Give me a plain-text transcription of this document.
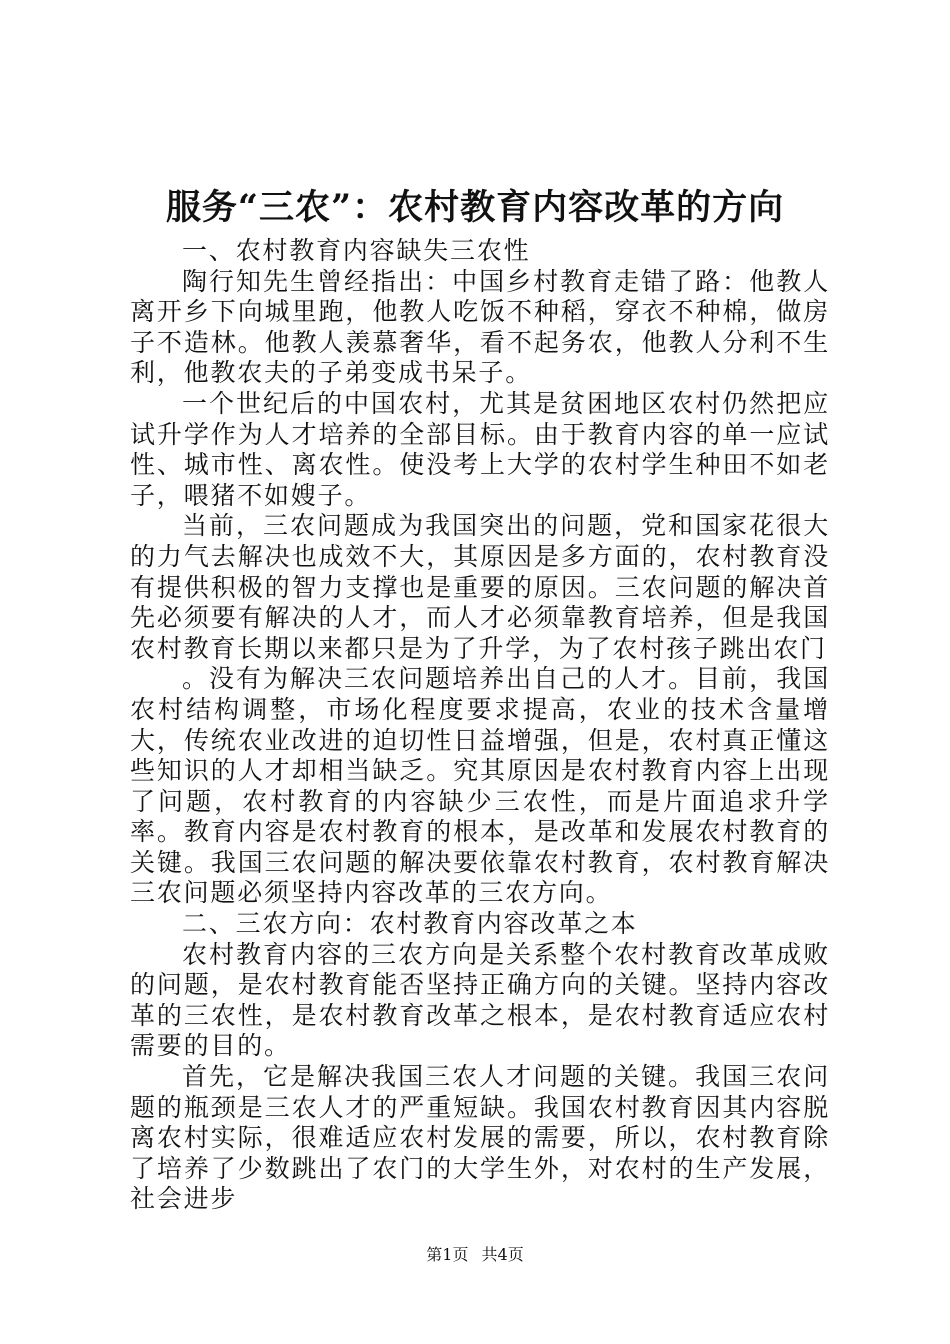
服务“三农”：农村教育内容改革的方向

一、农村教育内容缺失三农性

陶行知先生曾经指出：中国乡村教育走错了路：他教人离开乡下向城里跑，他教人吃饭不种稻，穿衣不种棉，做房子不造林。他教人羡慕奢华，看不起务农，他教人分利不生利，他教农夫的子弟变成书呆子。

一个世纪后的中国农村，尤其是贫困地区农村仍然把应试升学作为人才培养的全部目标。由于教育内容的单一应试性、城市性、离农性。使没考上大学的农村学生种田不如老子，喂猪不如嫂子。

当前，三农问题成为我国突出的问题，党和国家花很大的力气去解决也成效不大，其原因是多方面的，农村教育没有提供积极的智力支撑也是重要的原因。三农问题的解决首先必须要有解决的人才，而人才必须靠教育培养，但是我国农村教育长期以来都只是为了升学，为了农村孩子跳出农门

。没有为解决三农问题培养出自己的人才。目前，我国农村结构调整，市场化程度要求提高，农业的技术含量增大，传统农业改进的迫切性日益增强，但是，农村真正懂这些知识的人才却相当缺乏。究其原因是农村教育内容上出现了问题，农村教育的内容缺少三农性，而是片面追求升学率。教育内容是农村教育的根本，是改革和发展农村教育的关键。我国三农问题的解决要依靠农村教育，农村教育解决三农问题必须坚持内容改革的三农方向。

二、三农方向：农村教育内容改革之本

农村教育内容的三农方向是关系整个农村教育改革成败的问题，是农村教育能否坚持正确方向的关键。坚持内容改革的三农性，是农村教育改革之根本，是农村教育适应农村需要的目的。

首先，它是解决我国三农人才问题的关键。我国三农问题的瓶颈是三农人才的严重短缺。我国农村教育因其内容脱离农村实际，很难适应农村发展的需要，所以，农村教育除了培养了少数跳出了农门的大学生外，对农村的生产发展，社会进步

第1页 共4页
